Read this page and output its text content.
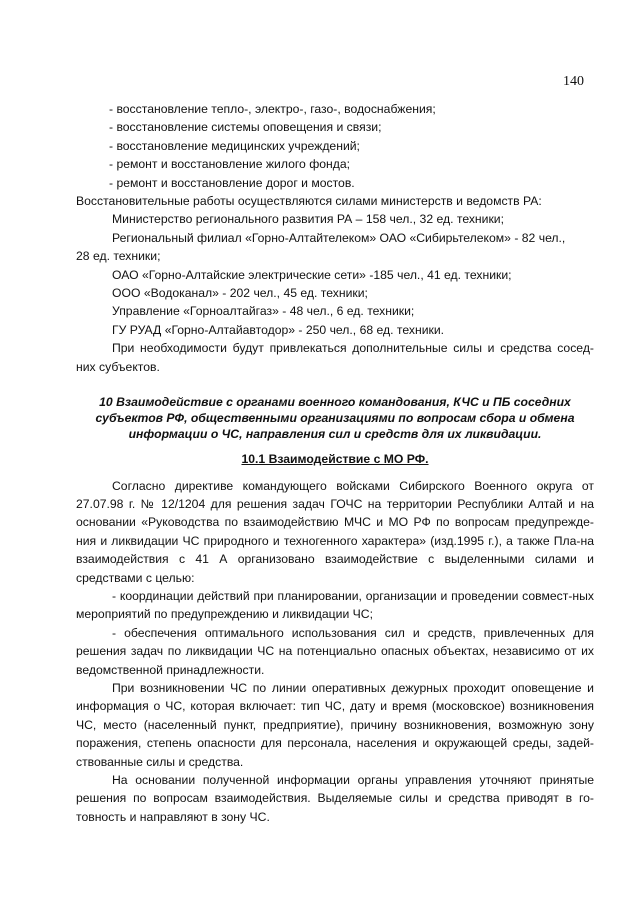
140

- восстановление тепло-, электро-, газо-, водоснабжения;

- восстановление системы оповещения и связи;

- восстановление медицинских учреждений;

- ремонт и восстановление жилого фонда;

- ремонт и восстановление дорог и мостов.

Восстановительные работы осуществляются силами министерств и ведомств РА:

Министерство регионального развития РА – 158 чел., 32 ед. техники;

Региональный филиал «Горно-Алтайтелеком» ОАО «Сибирьтелеком» - 82 чел.,

28 ед. техники;

ОАО «Горно-Алтайские электрические сети» -185 чел., 41 ед. техники;

ООО «Водоканал» - 202 чел., 45 ед. техники;

Управление «Горноалтайгаз» - 48 чел., 6 ед. техники;

ГУ РУАД «Горно-Алтайавтодор» - 250 чел., 68 ед. техники.

При необходимости будут привлекаться дополнительные силы и средства сосед-них субъектов.

10 Взаимодействие с органами военного командования, КЧС и ПБ соседних субъектов РФ, общественными организациями по вопросам сбора и обмена информации о ЧС, направления сил и средств для их ликвидации.

10.1 Взаимодействие с МО РФ.

Согласно директиве командующего войсками Сибирского Военного округа от 27.07.98 г. № 12/1204 для решения задач ГОЧС на территории Республики Алтай и на основании «Руководства по взаимодействию МЧС и МО РФ по вопросам предупрежде-ния и ликвидации ЧС природного и техногенного характера» (изд.1995 г.), а также Пла-на взаимодействия с 41 А организовано взаимодействие с выделенными силами и средствами с целью:

- координации действий при планировании, организации и проведении совмест-ных мероприятий по предупреждению и ликвидации ЧС;

- обеспечения оптимального использования сил и средств, привлеченных для решения задач по ликвидации ЧС на потенциально опасных объектах, независимо от их ведомственной принадлежности.

При возникновении ЧС по линии оперативных дежурных проходит оповещение и информация о ЧС, которая включает: тип ЧС, дату и время (московское) возникновения ЧС, место (населенный пункт, предприятие), причину возникновения, возможную зону поражения, степень опасности для персонала, населения и окружающей среды, задей-ствованные силы и средства.

На основании полученной информации органы управления уточняют принятые решения по вопросам взаимодействия. Выделяемые силы и средства приводят в го-товность и направляют в зону ЧС.
